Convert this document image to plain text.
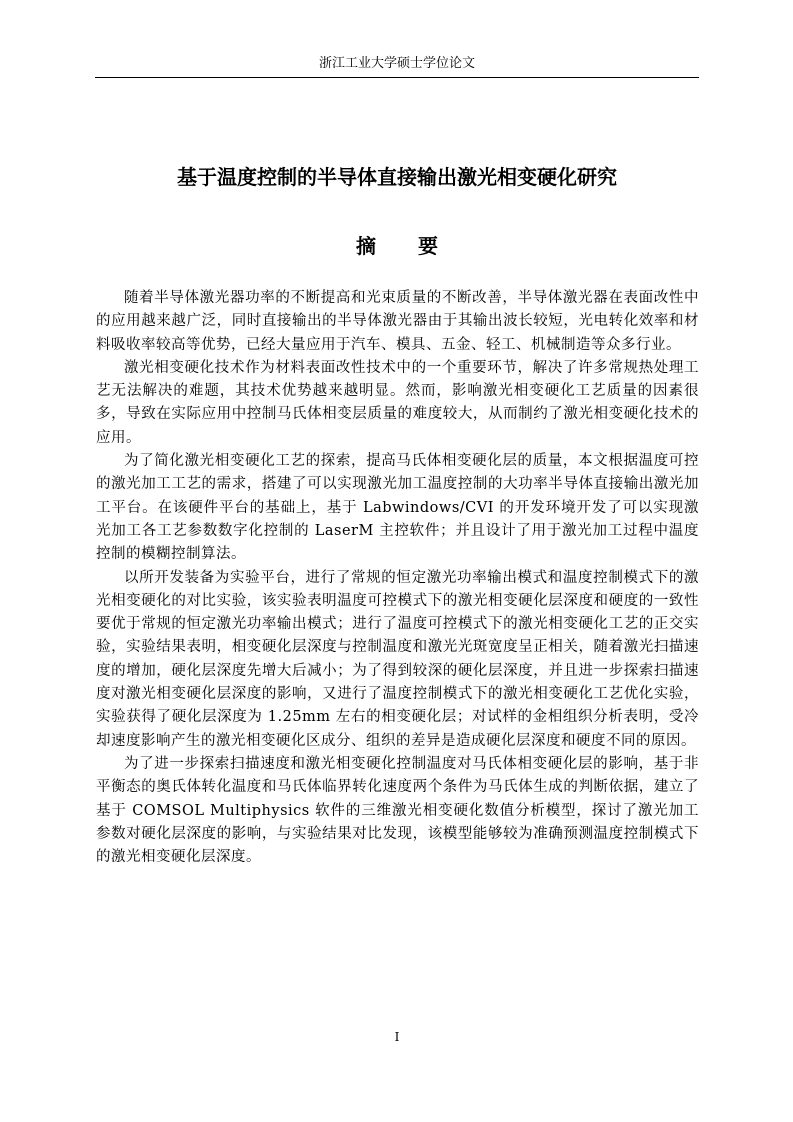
浙江工业大学硕士学位论文
基于温度控制的半导体直接输出激光相变硬化研究
摘 要

随着半导体激光器功率的不断提高和光束质量的不断改善，半导体激光器在表面改性中的应用越来越广泛，同时直接输出的半导体激光器由于其输出波长较短，光电转化效率和材料吸收率较高等优势，已经大量应用于汽车、模具、五金、轻工、机械制造等众多行业。

激光相变硬化技术作为材料表面改性技术中的一个重要环节，解决了许多常规热处理工艺无法解决的难题，其技术优势越来越明显。然而，影响激光相变硬化工艺质量的因素很多，导致在实际应用中控制马氏体相变层质量的难度较大，从而制约了激光相变硬化技术的应用。

为了简化激光相变硬化工艺的探索，提高马氏体相变硬化层的质量，本文根据温度可控的激光加工工艺的需求，搭建了可以实现激光加工温度控制的大功率半导体直接输出激光加工平台。在该硬件平台的基础上，基于 Labwindows/CVI 的开发环境开发了可以实现激光加工各工艺参数数字化控制的 LaserM 主控软件；并且设计了用于激光加工过程中温度控制的模糊控制算法。

以所开发装备为实验平台，进行了常规的恒定激光功率输出模式和温度控制模式下的激光相变硬化的对比实验，该实验表明温度可控模式下的激光相变硬化层深度和硬度的一致性要优于常规的恒定激光功率输出模式；进行了温度可控模式下的激光相变硬化工艺的正交实验，实验结果表明，相变硬化层深度与控制温度和激光光斑宽度呈正相关，随着激光扫描速度的增加，硬化层深度先增大后减小；为了得到较深的硬化层深度，并且进一步探索扫描速度对激光相变硬化层深度的影响，又进行了温度控制模式下的激光相变硬化工艺优化实验，实验获得了硬化层深度为 1.25mm 左右的相变硬化层；对试样的金相组织分析表明，受冷却速度影响产生的激光相变硬化区成分、组织的差异是造成硬化层深度和硬度不同的原因。

为了进一步探索扫描速度和激光相变硬化控制温度对马氏体相变硬化层的影响，基于非平衡态的奥氏体转化温度和马氏体临界转化速度两个条件为马氏体生成的判断依据，建立了基于 COMSOL Multiphysics 软件的三维激光相变硬化数值分析模型，探讨了激光加工参数对硬化层深度的影响，与实验结果对比发现，该模型能够较为准确预测温度控制模式下的激光相变硬化层深度。

I
